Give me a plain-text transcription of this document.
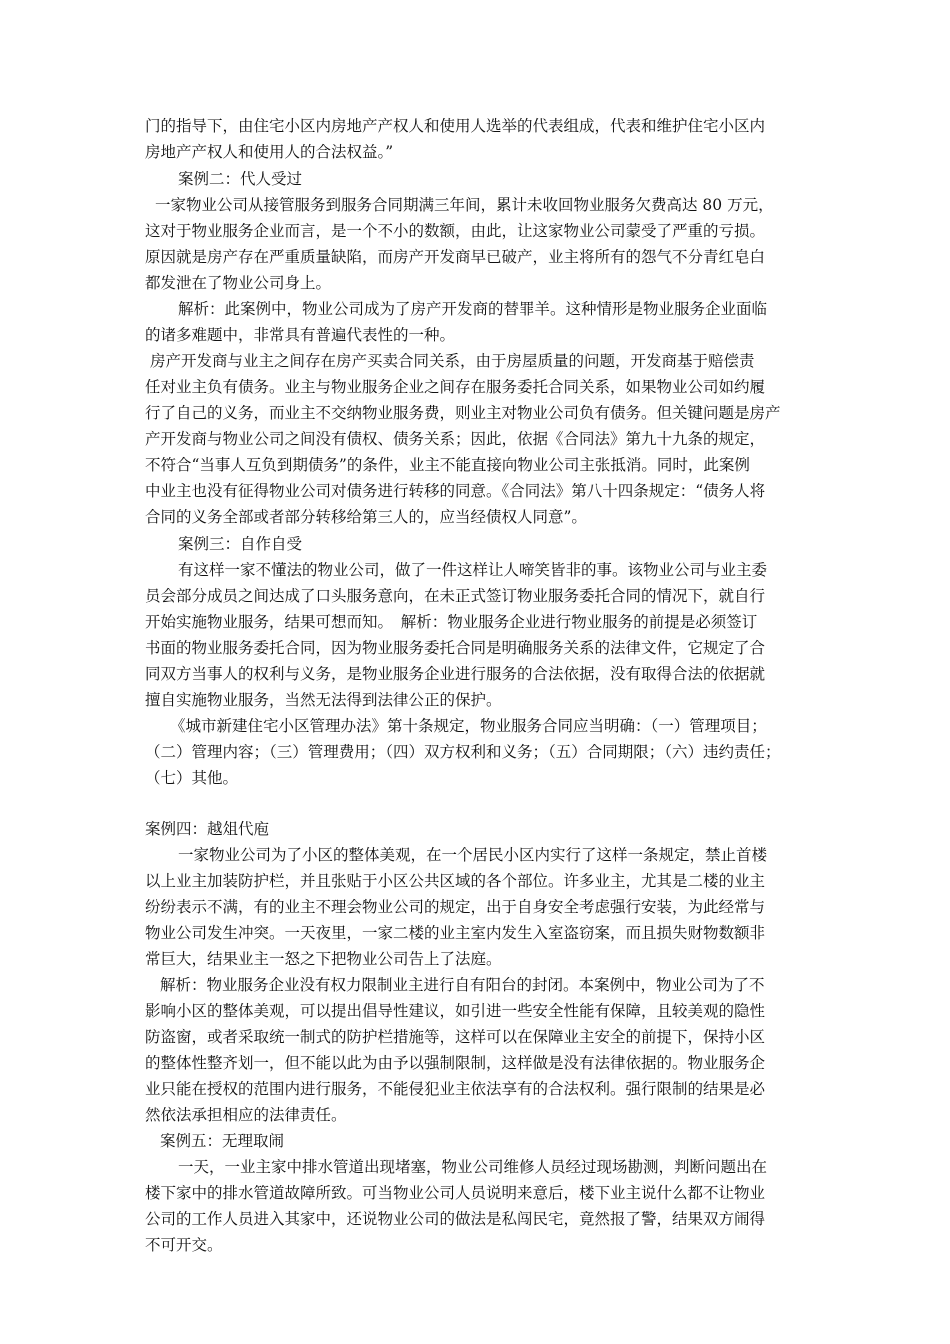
门的指导下，由住宅小区内房地产产权人和使用人选举的代表组成，代表和维护住宅小区内
房地产产权人和使用人的合法权益。”
案例二：代人受过
一家物业公司从接管服务到服务合同期满三年间，累计未收回物业服务欠费高达 80 万元，
这对于物业服务企业而言，是一个不小的数额，由此，让这家物业公司蒙受了严重的亏损。
原因就是房产存在严重质量缺陷，而房产开发商早已破产，业主将所有的怨气不分青红皂白
都发泄在了物业公司身上。
解析：此案例中，物业公司成为了房产开发商的替罪羊。这种情形是物业服务企业面临
的诸多难题中，非常具有普遍代表性的一种。
房产开发商与业主之间存在房产买卖合同关系，由于房屋质量的问题，开发商基于赔偿责
任对业主负有债务。业主与物业服务企业之间存在服务委托合同关系，如果物业公司如约履
行了自己的义务，而业主不交纳物业服务费，则业主对物业公司负有债务。但关键问题是房产
产开发商与物业公司之间没有债权、债务关系；因此，依据《合同法》第九十九条的规定，
不符合“当事人互负到期债务”的条件，业主不能直接向物业公司主张抵消。同时，此案例
中业主也没有征得物业公司对债务进行转移的同意。《合同法》第八十四条规定：“债务人将
合同的义务全部或者部分转移给第三人的，应当经债权人同意”。
案例三：自作自受
有这样一家不懂法的物业公司，做了一件这样让人啼笑皆非的事。该物业公司与业主委
员会部分成员之间达成了口头服务意向，在未正式签订物业服务委托合同的情况下，就自行
开始实施物业服务，结果可想而知。　解析：物业服务企业进行物业服务的前提是必须签订
书面的物业服务委托合同，因为物业服务委托合同是明确服务关系的法律文件，它规定了合
同双方当事人的权利与义务，是物业服务企业进行服务的合法依据，没有取得合法的依据就
擅自实施物业服务，当然无法得到法律公正的保护。
《城市新建住宅小区管理办法》第十条规定，物业服务合同应当明确：（一）管理项目；
（二）管理内容；（三）管理费用；（四）双方权利和义务；（五）合同期限；（六）违约责任；
（七）其他。
案例四：越俎代庖
一家物业公司为了小区的整体美观，在一个居民小区内实行了这样一条规定，禁止首楼
以上业主加装防护栏，并且张贴于小区公共区域的各个部位。许多业主，尤其是二楼的业主
纷纷表示不满，有的业主不理会物业公司的规定，出于自身安全考虑强行安装，为此经常与
物业公司发生冲突。一天夜里，一家二楼的业主室内发生入室盗窃案，而且损失财物数额非
常巨大，结果业主一怒之下把物业公司告上了法庭。
解析：物业服务企业没有权力限制业主进行自有阳台的封闭。本案例中，物业公司为了不
影响小区的整体美观，可以提出倡导性建议，如引进一些安全性能有保障，且较美观的隐性
防盗窗，或者采取统一制式的防护栏措施等，这样可以在保障业主安全的前提下，保持小区
的整体性整齐划一，但不能以此为由予以强制限制，这样做是没有法律依据的。物业服务企
业只能在授权的范围内进行服务，不能侵犯业主依法享有的合法权利。强行限制的结果是必
然依法承担相应的法律责任。
案例五：无理取闹
一天，一业主家中排水管道出现堵塞，物业公司维修人员经过现场勘测，判断问题出在
楼下家中的排水管道故障所致。可当物业公司人员说明来意后，楼下业主说什么都不让物业
公司的工作人员进入其家中，还说物业公司的做法是私闯民宅，竟然报了警，结果双方闹得
不可开交。
